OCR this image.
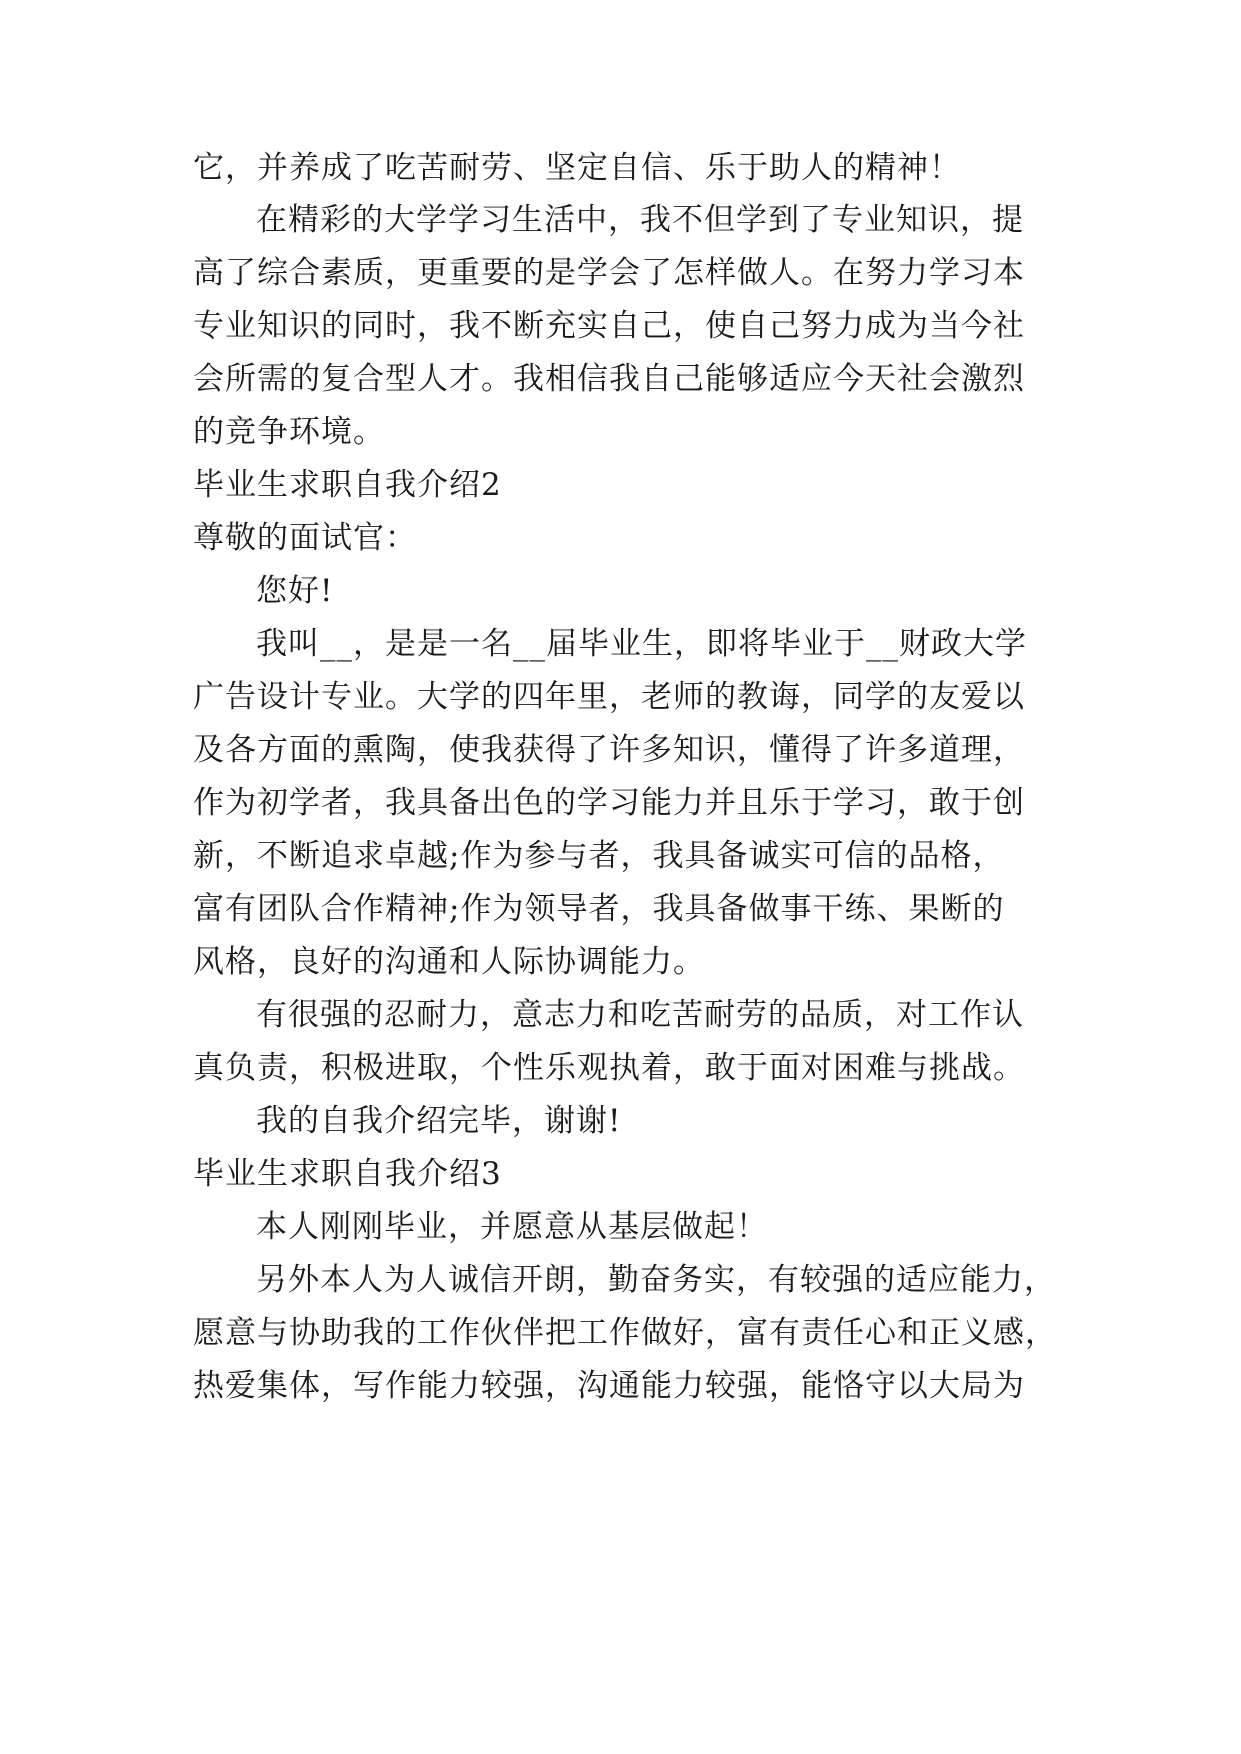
它，并养成了吃苦耐劳、坚定自信、乐于助人的精神！
在精彩的大学学习生活中，我不但学到了专业知识，提
高了综合素质，更重要的是学会了怎样做人。在努力学习本
专业知识的同时，我不断充实自己，使自己努力成为当今社
会所需的复合型人才。我相信我自己能够适应今天社会激烈
的竞争环境。
毕业生求职自我介绍2
尊敬的面试官：
您好!
我叫__，是是一名__届毕业生，即将毕业于__财政大学
广告设计专业。大学的四年里，老师的教诲，同学的友爱以
及各方面的熏陶，使我获得了许多知识，懂得了许多道理，
作为初学者，我具备出色的学习能力并且乐于学习，敢于创
新，不断追求卓越;作为参与者，我具备诚实可信的品格，
富有团队合作精神;作为领导者，我具备做事干练、果断的
风格，良好的沟通和人际协调能力。
有很强的忍耐力，意志力和吃苦耐劳的品质，对工作认
真负责，积极进取，个性乐观执着，敢于面对困难与挑战。
我的自我介绍完毕，谢谢!
毕业生求职自我介绍3
本人刚刚毕业，并愿意从基层做起！
另外本人为人诚信开朗，勤奋务实，有较强的适应能力，
愿意与协助我的工作伙伴把工作做好，富有责任心和正义感，
热爱集体，写作能力较强，沟通能力较强，能恪守以大局为
